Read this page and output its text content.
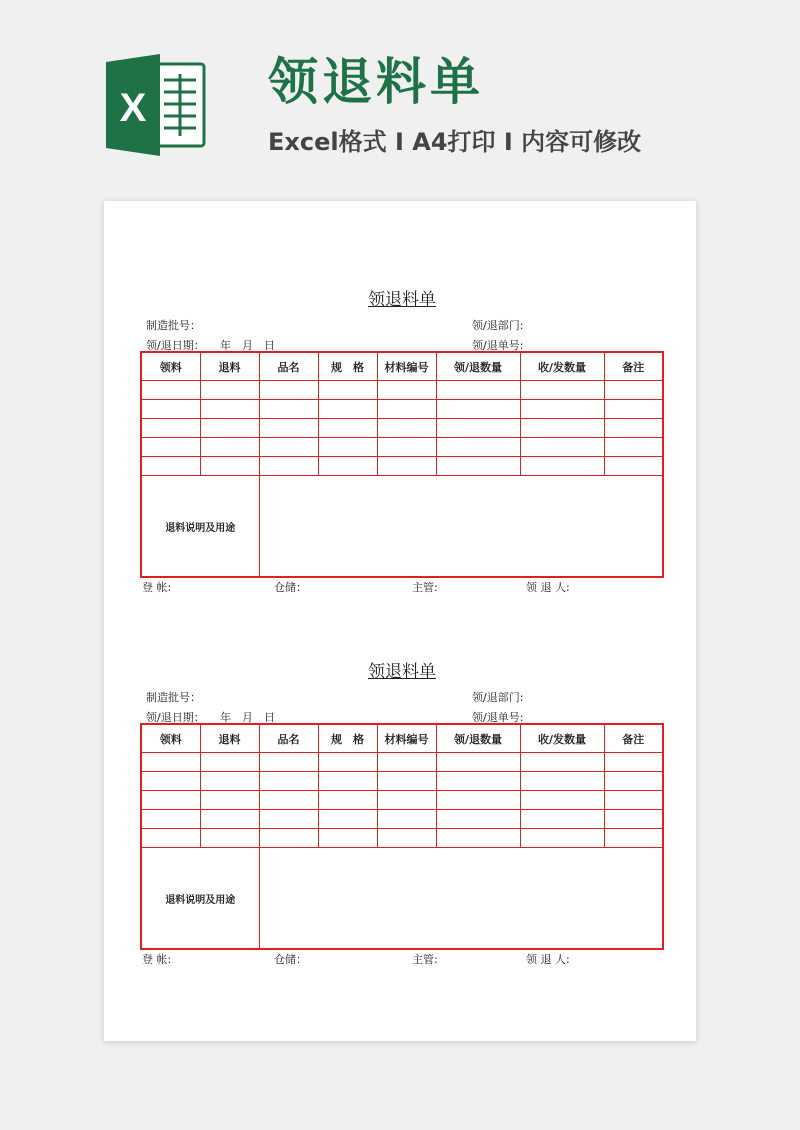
X 领退料单
Excel格式 I A4打印 I 内容可修改
领退料单
制造批号：	领/退部门:
领/退日期： 年　月　日	领/退单号:
领料	退料	品名	规　格	材料编号	领/退数量	收/发数量	备注

退料说明及用途							
登 帐:	仓储：	主管:	领 退 人:
领退料单
制造批号：	领/退部门:
领/退日期： 年　月　日	领/退单号:
领料	退料	品名	规　格	材料编号	领/退数量	收/发数量	备注

退料说明及用途							
登 帐:	仓储：	主管:	领 退 人:
